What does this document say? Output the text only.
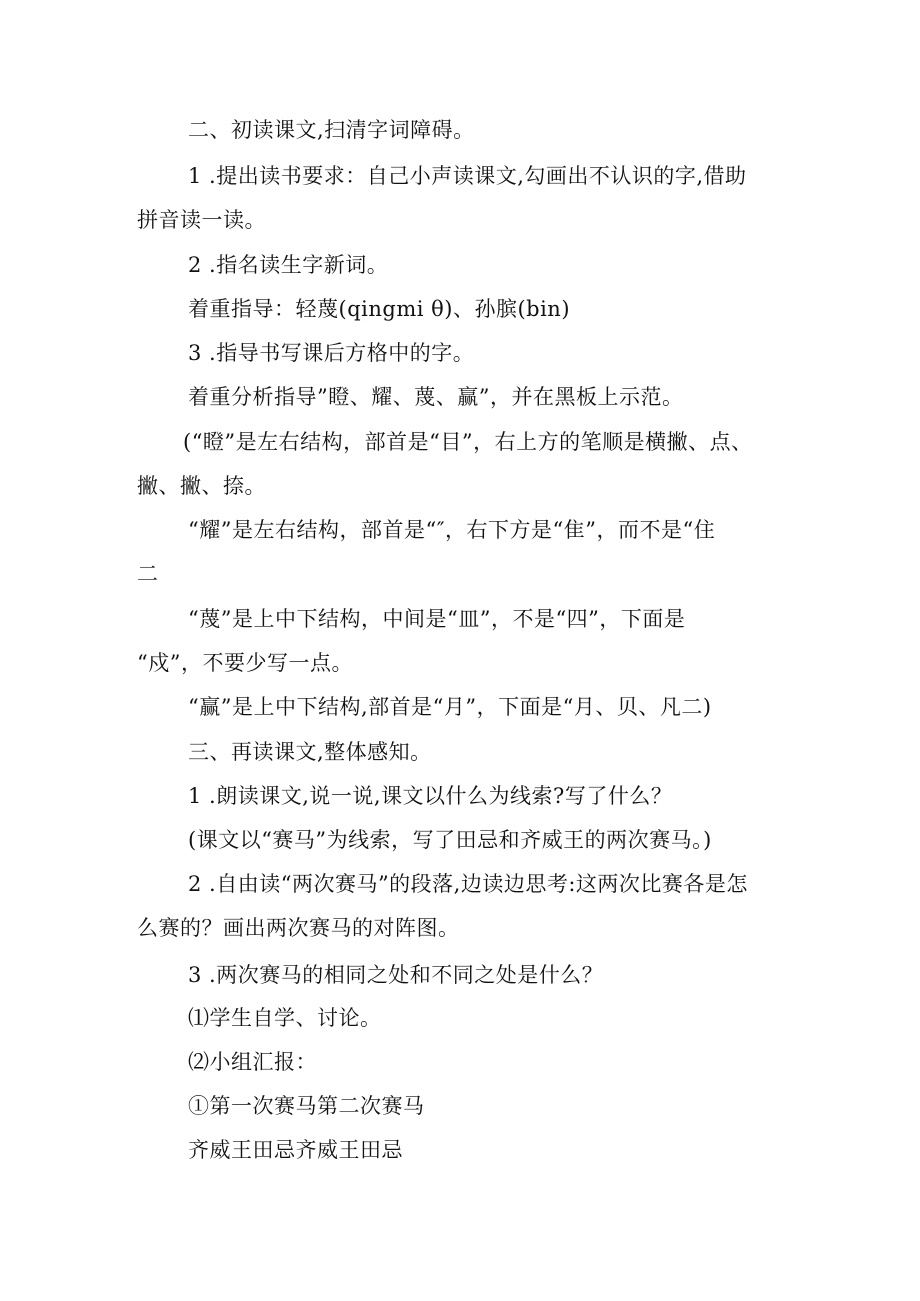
二、初读课文,扫清字词障碍。
1 .提出读书要求：自己小声读课文,勾画出不认识的字,借助
拼音读一读。
2 .指名读生字新词。
着重指导：轻蔑(qingmi θ)、孙膑(bin)
3 .指导书写课后方格中的字。
着重分析指导”瞪、耀、蔑、赢”，并在黑板上示范。
(“瞪”是左右结构，部首是“目”，右上方的笔顺是横撇、点、
撇、撇、捺。
“耀”是左右结构，部首是“″，右下方是“隹”，而不是“住
二
“蔑”是上中下结构，中间是“皿”，不是“四”，下面是
“戍”，不要少写一点。
“赢”是上中下结构,部首是“月”，下面是“月、贝、凡二)
三、再读课文,整体感知。
1 .朗读课文,说一说,课文以什么为线索?写了什么？
(课文以“赛马”为线索，写了田忌和齐威王的两次赛马。)
2 .自由读“两次赛马”的段落,边读边思考:这两次比赛各是怎
么赛的？画出两次赛马的对阵图。
3 .两次赛马的相同之处和不同之处是什么？
⑴学生自学、讨论。
⑵小组汇报：
①第一次赛马第二次赛马
齐威王田忌齐威王田忌
